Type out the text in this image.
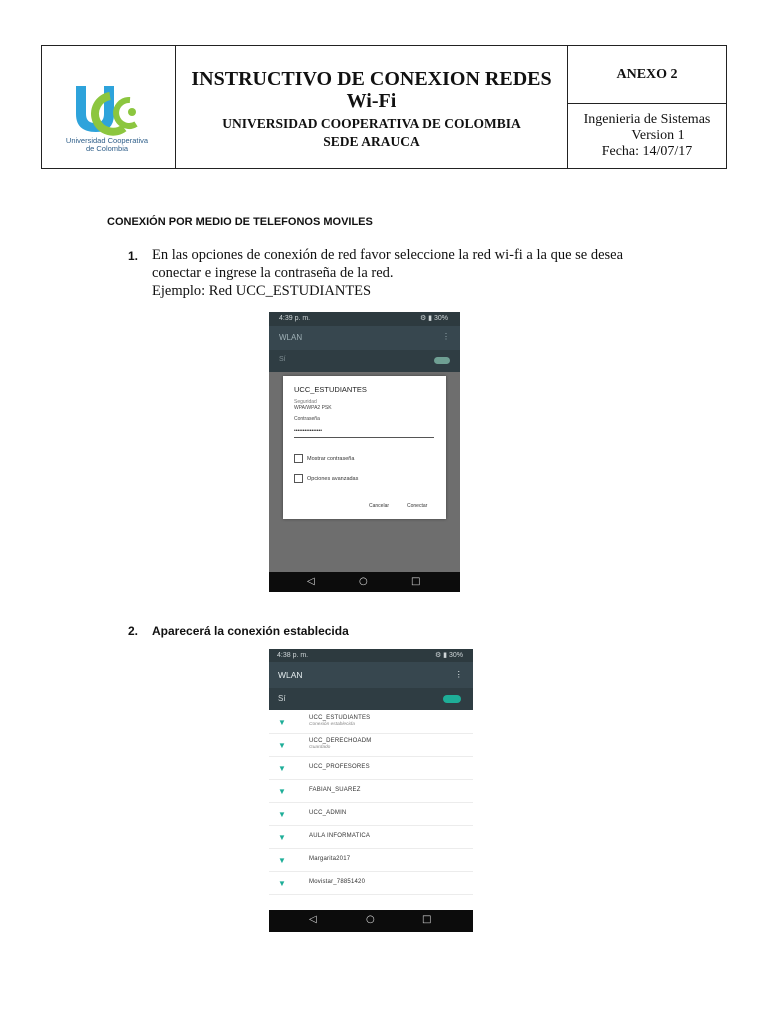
Universidad Cooperativa
de Colombia
INSTRUCTIVO DE CONEXION REDES
Wi-Fi
UNIVERSIDAD COOPERATIVA DE COLOMBIA
SEDE ARAUCA
ANEXO 2
Ingenieria de Sistemas
Version 1
Fecha: 14/07/17
CONEXIÓN POR MEDIO DE TELEFONOS MOVILES
1. En las opciones de conexión de red favor seleccione la red wi-fi a la que se desea
conectar e ingrese la contraseña de la red.
Ejemplo: Red UCC_ESTUDIANTES
4:39 p. m.	⚙ ▮ 30%
WLAN	⋮
Sí
UCC_ESTUDIANTES
Seguridad
WPA/WPA2 PSK
Contraseña
••••••••••••••••
Mostrar contraseña
Opciones avanzadas
Cancelar	Conectar
◁	○	□
2. Aparecerá la conexión establecida
4:38 p. m.	⚙ ▮ 30%
WLAN	⋮
Sí
▼	UCC_ESTUDIANTES
Conexión establecida
▼	UCC_DERECHOADM
Guardado
▼	UCC_PROFESORES
▼	FABIAN_SUAREZ
▼	UCC_ADMIN
▼	AULA INFORMATICA
▼	Margarita2017
▼	Movistar_78851420
◁	○	□
